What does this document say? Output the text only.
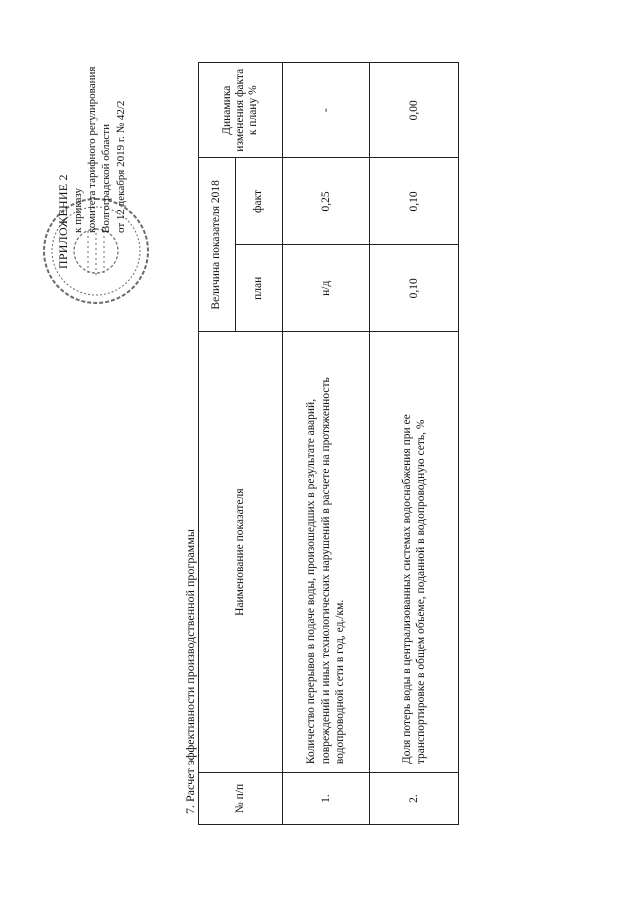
ПРИЛОЖЕНИЕ 2 к приказу комитета тарифного регулирования Волгоградской области от 12 декабря 2019 г. № 42/2
7. Расчет эффективности производственной программы	№ п/п	Наименование показателя	Величина показателя 2018		Динамика изменения факта к плану %
		план	факт	
1.	Количество перерывов в подаче воды, произошедших в результате аварий, повреждений и иных технологических нарушений в расчете на протяженность водопроводной сети в год, ед./км.	н/д	0,25	-
2.	Доля потерь воды в централизованных системах водоснабжения при ее транспортировке в общем объеме, поданной в водопроводную сеть, %	0,10	0,10	0,00
